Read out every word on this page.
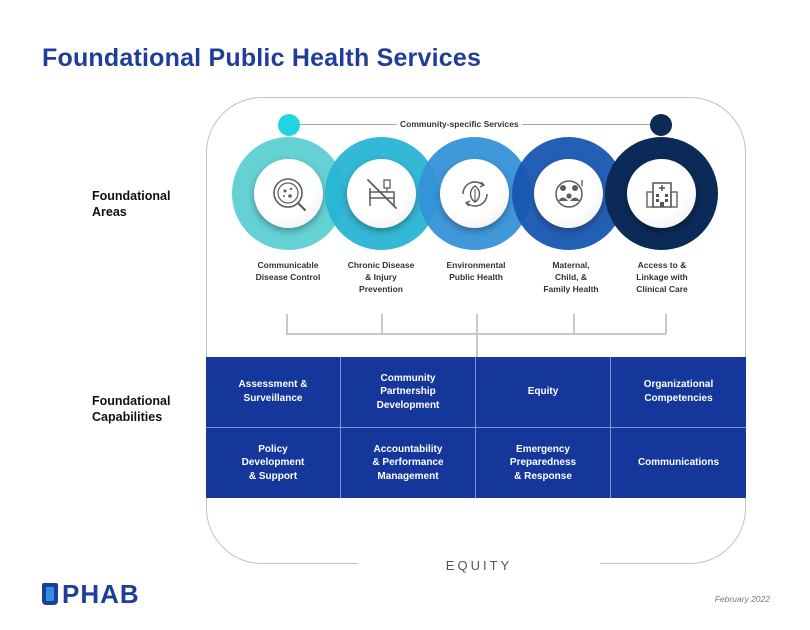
Foundational Public Health Services
EQUITY
Foundational
Areas
Foundational
Capabilities
Community-specific Services
Communicable
Disease Control
Chronic Disease
& Injury
Prevention
Environmental
Public Health
Maternal,
Child, &
Family Health
Access to &
Linkage with
Clinical Care
Assessment &
Surveillance
Community
Partnership
Development
Equity
Organizational
Competencies
Policy
Development
& Support
Accountability
& Performance
Management
Emergency
Preparedness
& Response
Communications
PHAB	February 2022
